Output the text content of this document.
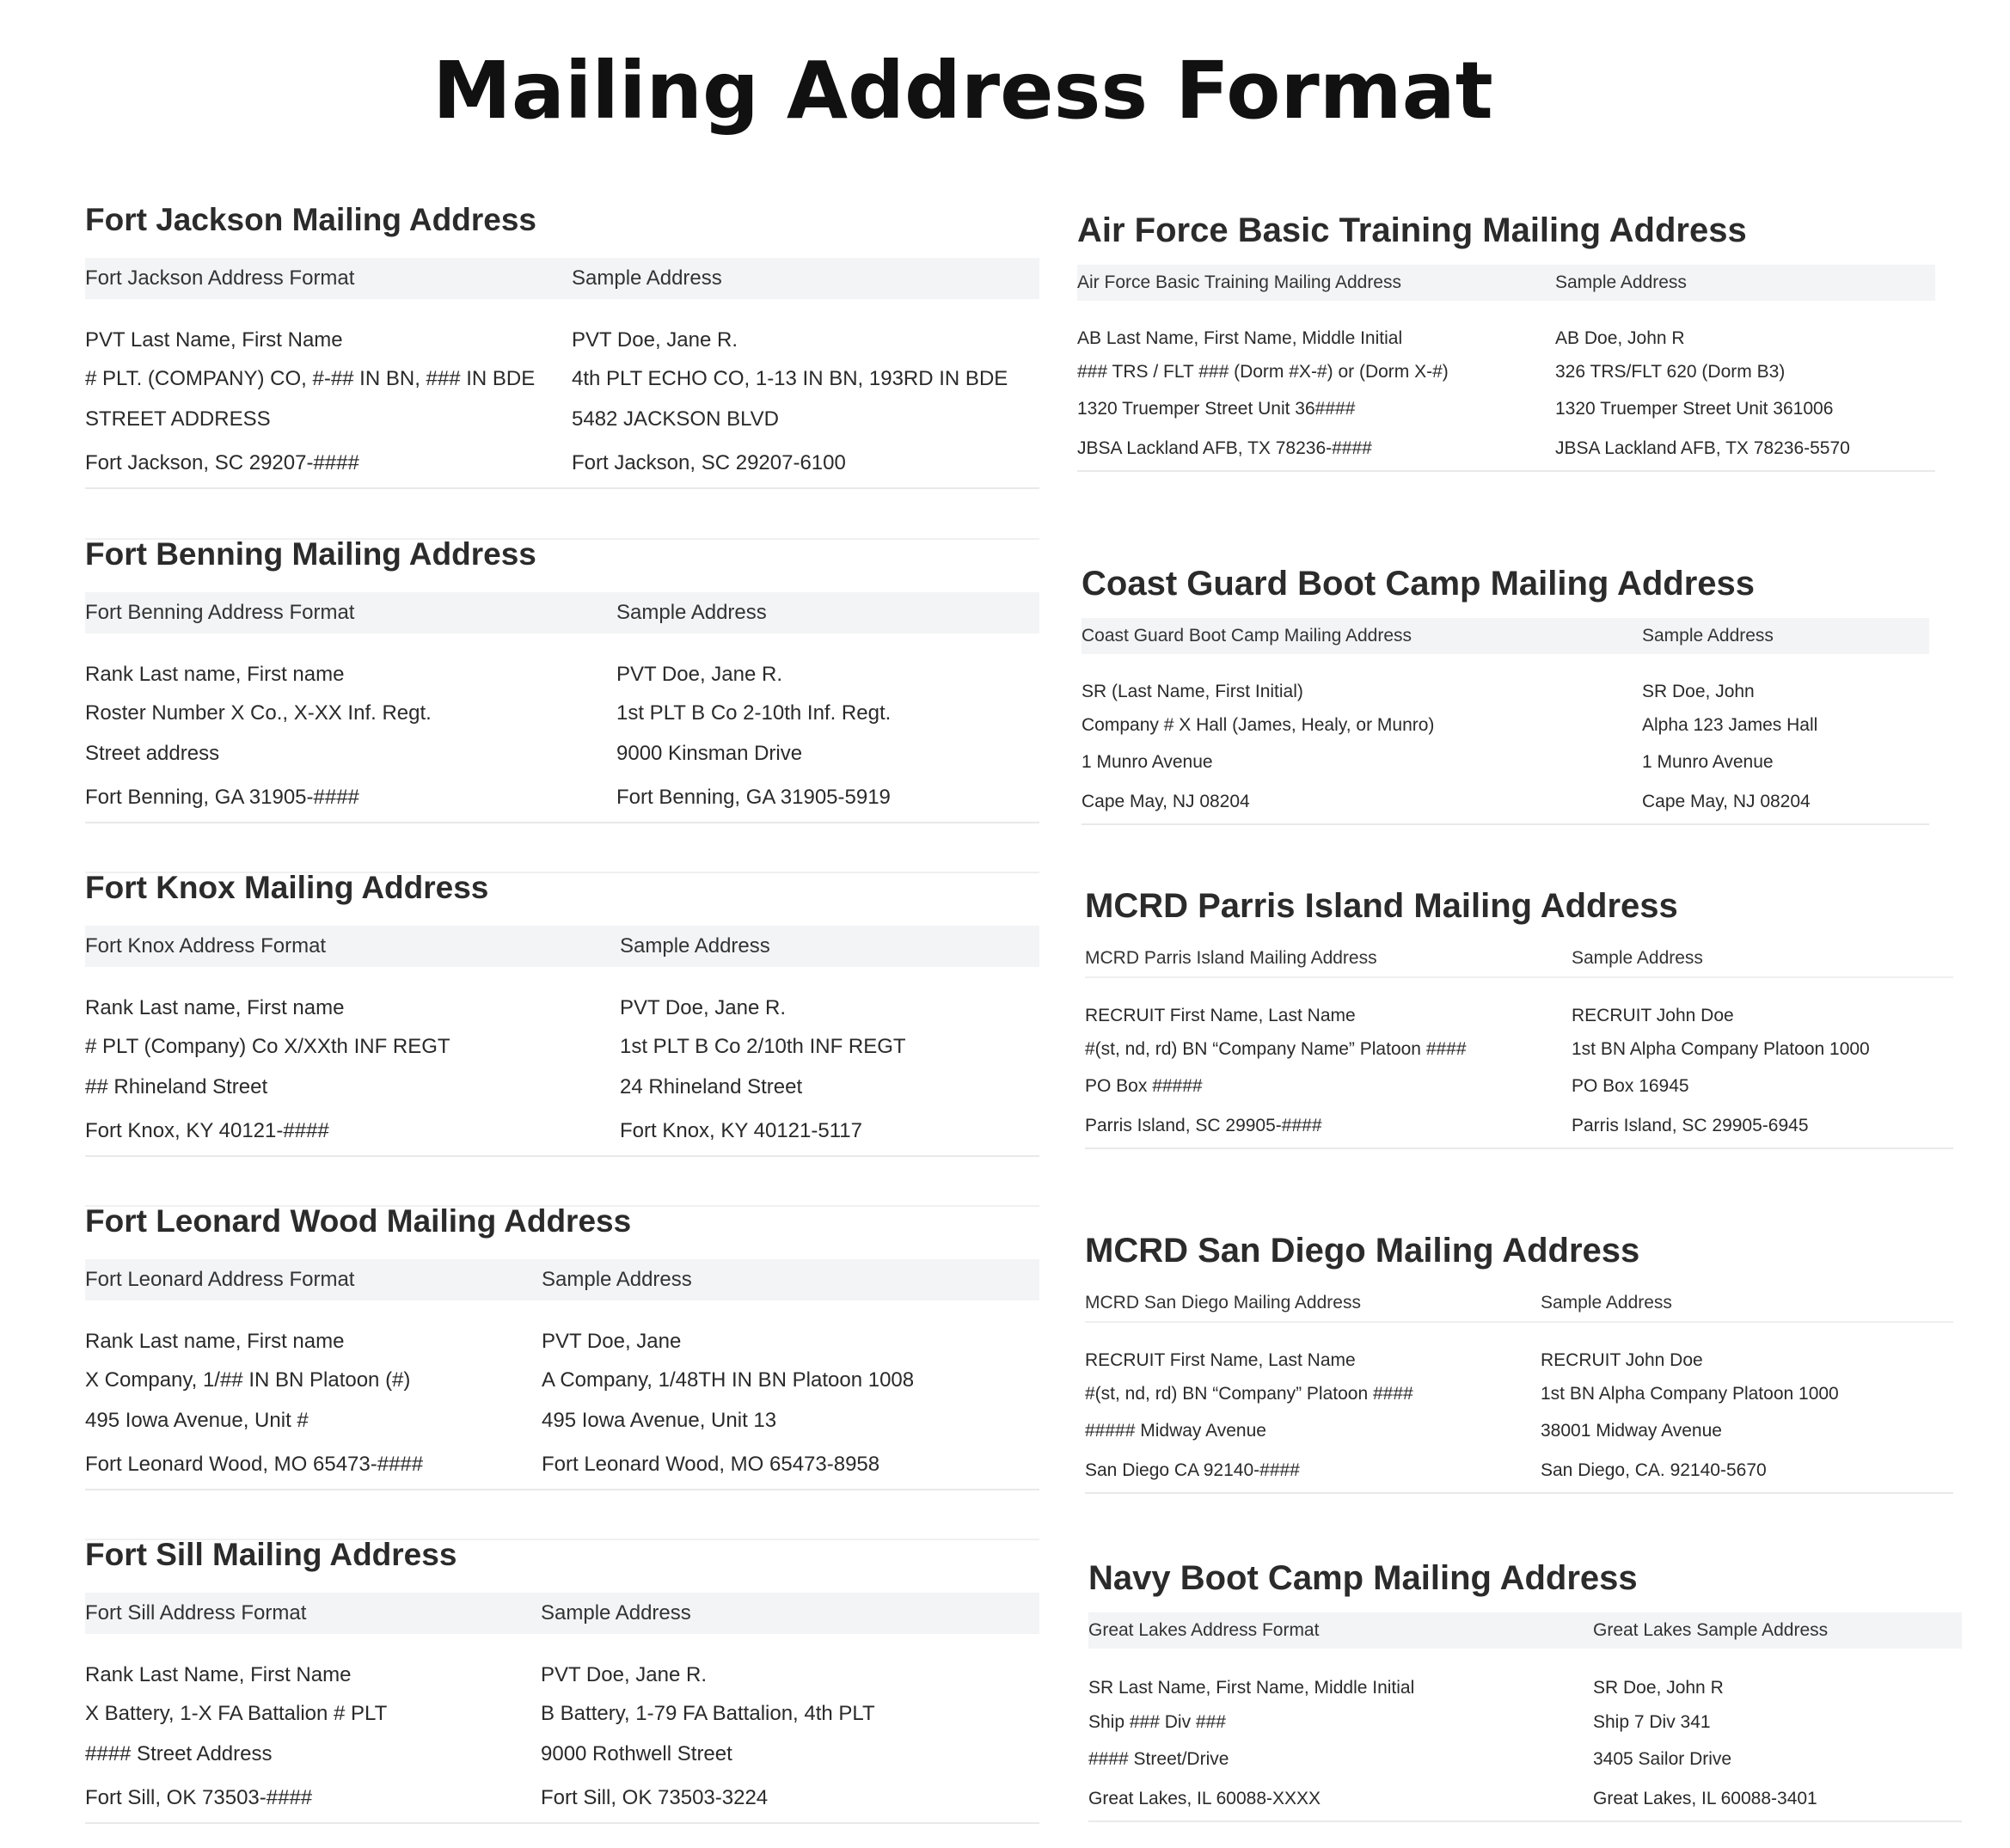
Mailing Address Format
Fort Jackson Mailing Address
Fort Jackson Address Format	Sample Address
PVT Last Name, First Name	PVT Doe, Jane R.
# PLT. (COMPANY) CO, #-## IN BN, ### IN BDE	4th PLT ECHO CO, 1-13 IN BN, 193RD IN BDE
STREET ADDRESS	5482 JACKSON BLVD
Fort Jackson, SC 29207-####	Fort Jackson, SC 29207-6100
Fort Benning Mailing Address
Fort Benning Address Format	Sample Address
Rank Last name, First name	PVT Doe, Jane R.
Roster Number X Co., X-XX Inf. Regt.	1st PLT B Co 2-10th Inf. Regt.
Street address	9000 Kinsman Drive
Fort Benning, GA 31905-####	Fort Benning, GA 31905-5919
Fort Knox Mailing Address
Fort Knox Address Format	Sample Address
Rank Last name, First name	PVT Doe, Jane R.
# PLT (Company) Co X/XXth INF REGT	1st PLT B Co 2/10th INF REGT
## Rhineland Street	24 Rhineland Street
Fort Knox, KY 40121-####	Fort Knox, KY 40121-5117
Fort Leonard Wood Mailing Address
Fort Leonard Address Format	Sample Address
Rank Last name, First name	PVT Doe, Jane
X Company, 1/## IN BN Platoon (#)	A Company, 1/48TH IN BN Platoon 1008
495 Iowa Avenue, Unit #	495 Iowa Avenue, Unit 13
Fort Leonard Wood, MO 65473-####	Fort Leonard Wood, MO 65473-8958
Fort Sill Mailing Address
Fort Sill Address Format	Sample Address
Rank Last Name, First Name	PVT Doe, Jane R.
X Battery, 1-X FA Battalion # PLT	B Battery, 1-79 FA Battalion, 4th PLT
#### Street Address	9000 Rothwell Street
Fort Sill, OK 73503-####	Fort Sill, OK 73503-3224
Air Force Basic Training Mailing Address
Air Force Basic Training Mailing Address	Sample Address
AB Last Name, First Name, Middle Initial	AB Doe, John R
### TRS / FLT ### (Dorm #X-#) or (Dorm X-#)	326 TRS/FLT 620 (Dorm B3)
1320 Truemper Street Unit 36####	1320 Truemper Street Unit 361006
JBSA Lackland AFB, TX 78236-####	JBSA Lackland AFB, TX 78236-5570
Coast Guard Boot Camp Mailing Address
Coast Guard Boot Camp Mailing Address	Sample Address
SR (Last Name, First Initial)	SR Doe, John
Company # X Hall (James, Healy, or Munro)	Alpha 123 James Hall
1 Munro Avenue	1 Munro Avenue
Cape May, NJ 08204	Cape May, NJ 08204
MCRD Parris Island Mailing Address
MCRD Parris Island Mailing Address	Sample Address
RECRUIT First Name, Last Name	RECRUIT John Doe
#(st, nd, rd) BN “Company Name” Platoon ####	1st BN Alpha Company Platoon 1000
PO Box #####	PO Box 16945
Parris Island, SC 29905-####	Parris Island, SC 29905-6945
MCRD San Diego Mailing Address
MCRD San Diego Mailing Address	Sample Address
RECRUIT First Name, Last Name	RECRUIT John Doe
#(st, nd, rd) BN “Company” Platoon ####	1st BN Alpha Company Platoon 1000
##### Midway Avenue	38001 Midway Avenue
San Diego CA 92140-####	San Diego, CA. 92140-5670
Navy Boot Camp Mailing Address
Great Lakes Address Format	Great Lakes Sample Address
SR Last Name, First Name, Middle Initial	SR Doe, John R
Ship ### Div ###	Ship 7 Div 341
#### Street/Drive	3405 Sailor Drive
Great Lakes, IL 60088-XXXX	Great Lakes, IL 60088-3401
